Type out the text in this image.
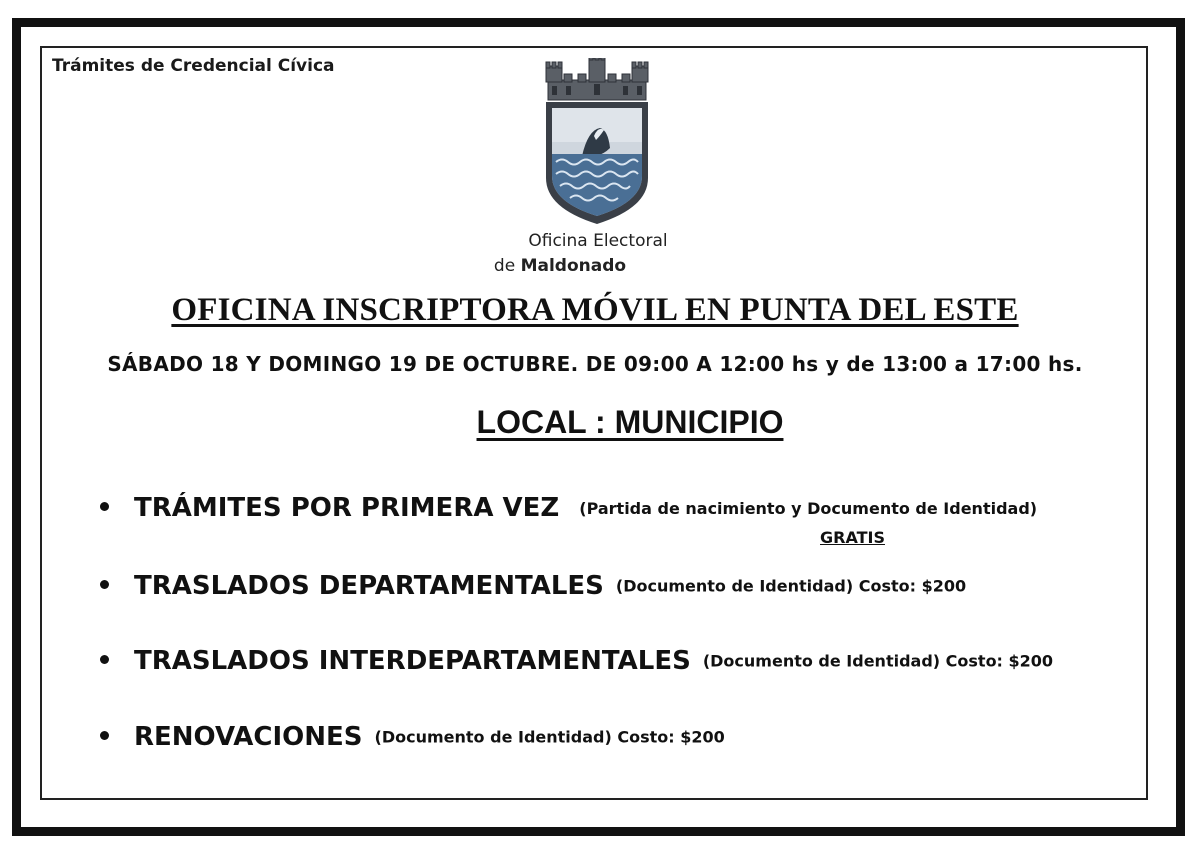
Trámites de Credencial Cívica
Oficina Electoral
de Maldonado
OFICINA INSCRIPTORA MÓVIL EN PUNTA DEL ESTE
SÁBADO 18 Y DOMINGO 19 DE OCTUBRE. DE 09:00 A 12:00 hs y de 13:00 a 17:00 hs.
LOCAL : MUNICIPIO
TRÁMITES POR PRIMERA VEZ (Partida de nacimiento y Documento de Identidad)
GRATIS
TRASLADOS DEPARTAMENTALES (Documento de Identidad) Costo: $200
TRASLADOS INTERDEPARTAMENTALES (Documento de Identidad) Costo: $200
RENOVACIONES (Documento de Identidad) Costo: $200
